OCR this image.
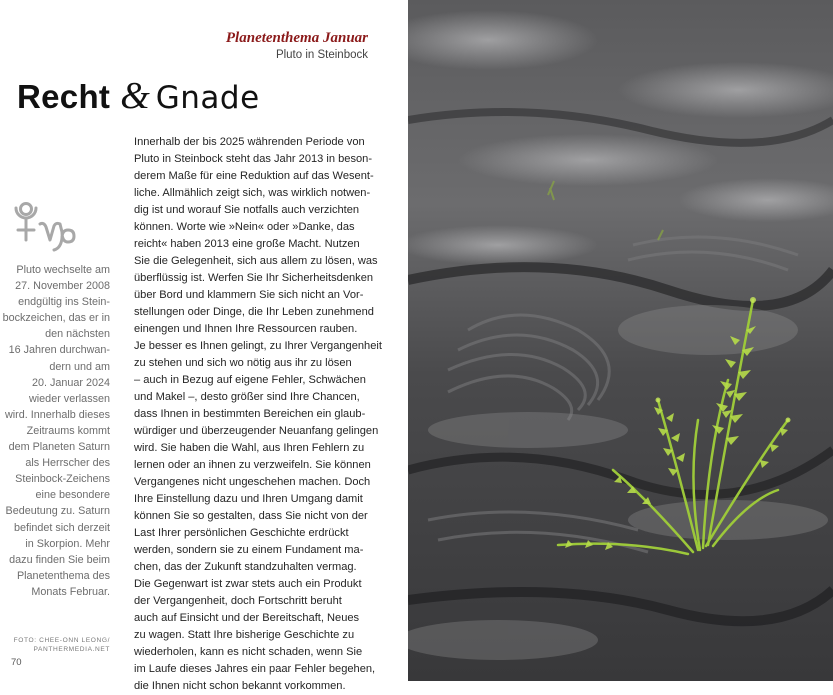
Planetenthema Januar
Pluto in Steinbock
Recht & Gnade
Pluto wechselte am
27. November 2008
endgültig ins Stein-
bockzeichen, das er in
den nächsten
16 Jahren durchwan-
dern und am
20. Januar 2024
wieder verlassen
wird. Innerhalb dieses
Zeitraums kommt
dem Planeten Saturn
als Herrscher des
Steinbock-Zeichens
eine besondere
Bedeutung zu. Saturn
befindet sich derzeit
in Skorpion. Mehr
dazu finden Sie beim
Planetenthema des
Monats Februar.
FOTO: CHEE-ONN LEONG/
PANTHERMEDIA.NET
70
Innerhalb der bis 2025 währenden Periode von
Pluto in Steinbock steht das Jahr 2013 in beson-
derem Maße für eine Reduktion auf das Wesent-
liche. Allmählich zeigt sich, was wirklich notwen-
dig ist und worauf Sie notfalls auch verzichten
können. Worte wie »Nein« oder »Danke, das
reicht« haben 2013 eine große Macht. Nutzen
Sie die Gelegenheit, sich aus allem zu lösen, was
überflüssig ist. Werfen Sie Ihr Sicherheitsdenken
über Bord und klammern Sie sich nicht an Vor-
stellungen oder Dinge, die Ihr Leben zunehmend
einengen und Ihnen Ihre Ressourcen rauben.
Je besser es Ihnen gelingt, zu Ihrer Vergangenheit
zu stehen und sich wo nötig aus ihr zu lösen
– auch in Bezug auf eigene Fehler, Schwächen
und Makel –, desto größer sind Ihre Chancen,
dass Ihnen in bestimmten Bereichen ein glaub-
würdiger und überzeugender Neuanfang gelingen
wird. Sie haben die Wahl, aus Ihren Fehlern zu
lernen oder an ihnen zu verzweifeln. Sie können
Vergangenes nicht ungeschehen machen. Doch
Ihre Einstellung dazu und Ihren Umgang damit
können Sie so gestalten, dass Sie nicht von der
Last Ihrer persönlichen Geschichte erdrückt
werden, sondern sie zu einem Fundament ma-
chen, das der Zukunft standzuhalten vermag.
Die Gegenwart ist zwar stets auch ein Produkt
der Vergangenheit, doch Fortschritt beruht
auch auf Einsicht und der Bereitschaft, Neues
zu wagen. Statt Ihre bisherige Geschichte zu
wiederholen, kann es nicht schaden, wenn Sie
im Laufe dieses Jahres ein paar Fehler begehen,
die Ihnen nicht schon bekannt vorkommen.
